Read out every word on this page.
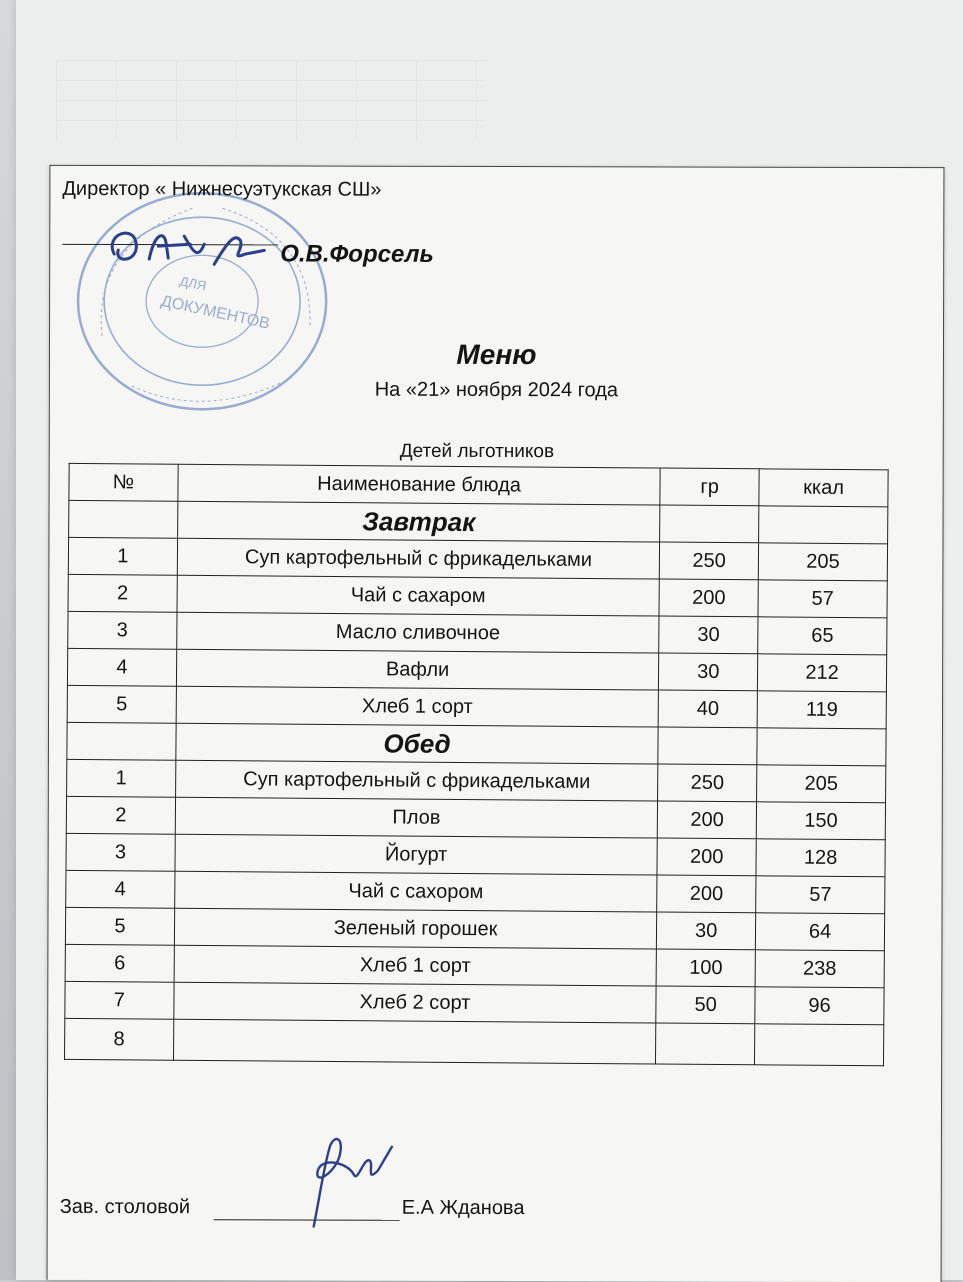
ДОКУМЕНТОВ
ДЛЯ
Директор « Нижнесуэтукская СШ»
О.В.Форсель
Меню
На «21» ноября 2024 года
Детей льготников
№	Наименование блюда	гр	ккал
	Завтрак		
1	Суп картофельный с фрикадельками	250	205
2	Чай с сахаром	200	57
3	Масло сливочное	30	65
4	Вафли	30	212
5	Хлеб 1 сорт	40	119
	Обед		
1	Суп картофельный с фрикадельками	250	205
2	Плов	200	150
3	Йогурт	200	128
4	Чай с сахором	200	57
5	Зеленый горошек	30	64
6	Хлеб 1 сорт	100	238
7	Хлеб 2 сорт	50	96
8			
Зав. столовой	Е.А Жданова
